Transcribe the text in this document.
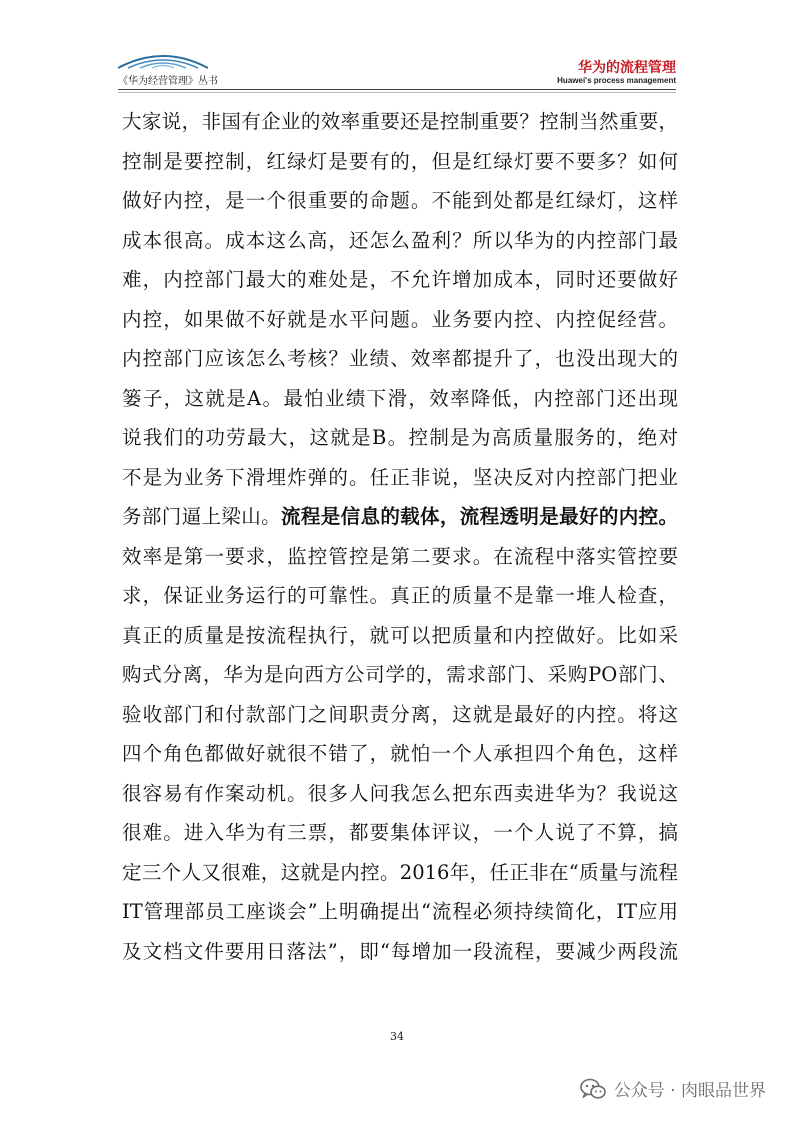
《华为经营管理》丛书
华为的流程管理
Huawei's process management
大家说，非国有企业的效率重要还是控制重要？控制当然重要，
控制是要控制，红绿灯是要有的，但是红绿灯要不要多？如何
做好内控，是一个很重要的命题。不能到处都是红绿灯，这样
成本很高。成本这么高，还怎么盈利？所以华为的内控部门最
难，内控部门最大的难处是，不允许增加成本，同时还要做好
内控，如果做不好就是水平问题。业务要内控、内控促经营。
内控部门应该怎么考核？业绩、效率都提升了，也没出现大的
篓子，这就是A。最怕业绩下滑，效率降低，内控部门还出现
说我们的功劳最大，这就是B。控制是为高质量服务的，绝对
不是为业务下滑埋炸弹的。任正非说，坚决反对内控部门把业
务部门逼上梁山。流程是信息的载体，流程透明是最好的内控。
效率是第一要求，监控管控是第二要求。在流程中落实管控要
求，保证业务运行的可靠性。真正的质量不是靠一堆人检查，
真正的质量是按流程执行，就可以把质量和内控做好。比如采
购式分离，华为是向西方公司学的，需求部门、采购PO部门、
验收部门和付款部门之间职责分离，这就是最好的内控。将这
四个角色都做好就很不错了，就怕一个人承担四个角色，这样
很容易有作案动机。很多人问我怎么把东西卖进华为？我说这
很难。进入华为有三票，都要集体评议，一个人说了不算，搞
定三个人又很难，这就是内控。2016年，任正非在“质量与流程
IT管理部员工座谈会”上明确提出“流程必须持续简化，IT应用
及文档文件要用日落法”，即“每增加一段流程，要减少两段流
34
公众号 · 肉眼品世界
